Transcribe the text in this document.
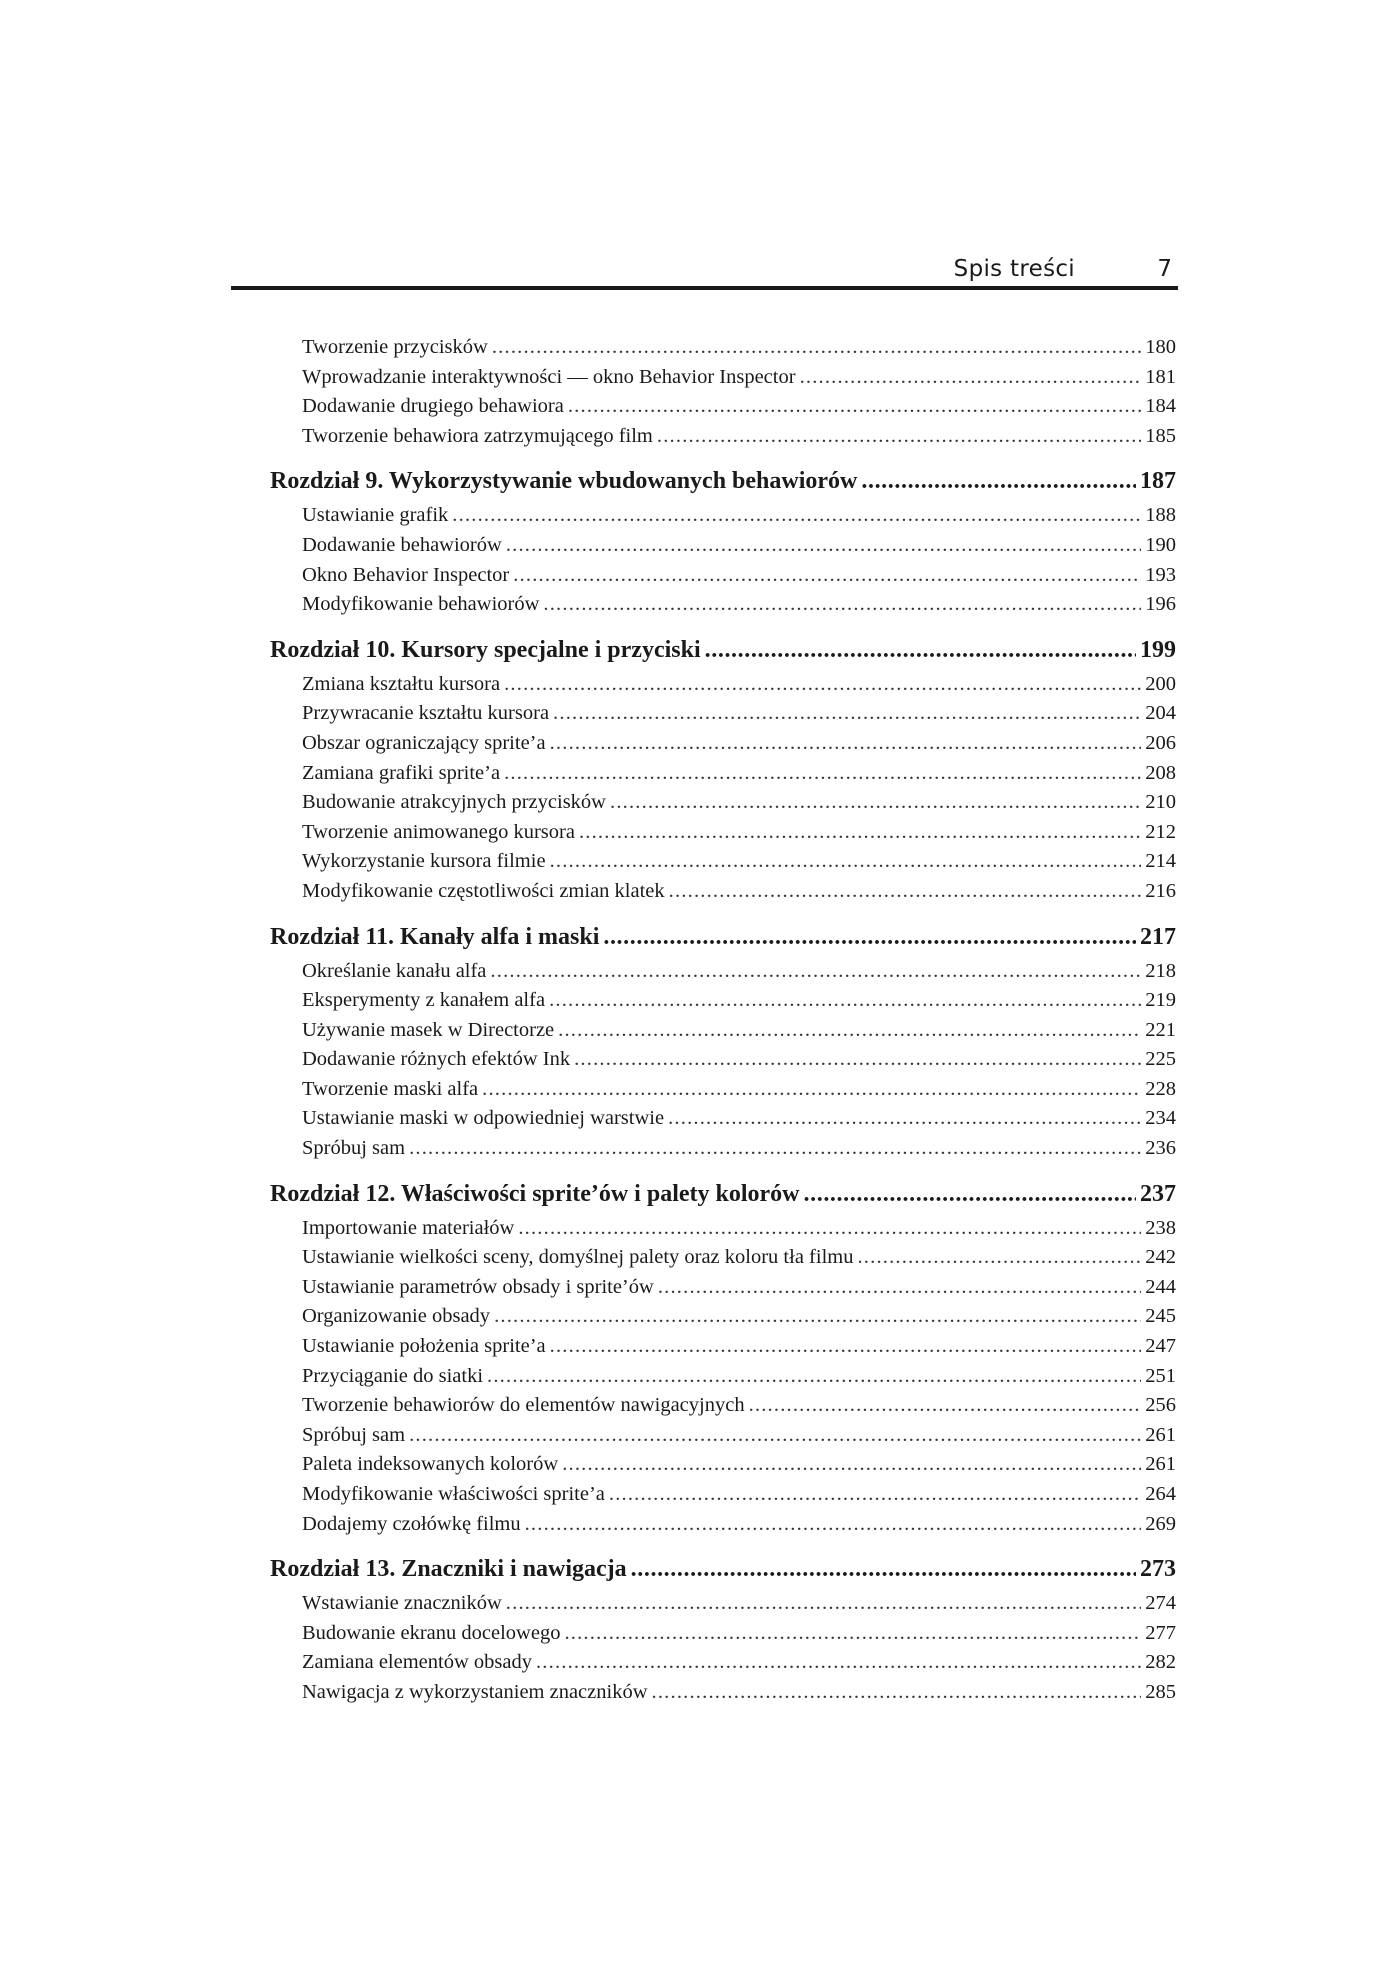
Spis treści	7
Tworzenie przycisków .....	180
Wprowadzanie interaktywności — okno Behavior Inspector .....	181
Dodawanie drugiego behawiora .....	184
Tworzenie behawiora zatrzymującego film .....	185
Rozdział 9. Wykorzystywanie wbudowanych behawiorów .....	187
Ustawianie grafik .....	188
Dodawanie behawiorów .....	190
Okno Behavior Inspector .....	193
Modyfikowanie behawiorów .....	196
Rozdział 10. Kursory specjalne i przyciski .....	199
Zmiana kształtu kursora .....	200
Przywracanie kształtu kursora .....	204
Obszar ograniczający sprite’a .....	206
Zamiana grafiki sprite’a .....	208
Budowanie atrakcyjnych przycisków .....	210
Tworzenie animowanego kursora .....	212
Wykorzystanie kursora filmie .....	214
Modyfikowanie częstotliwości zmian klatek .....	216
Rozdział 11. Kanały alfa i maski .....	217
Określanie kanału alfa .....	218
Eksperymenty z kanałem alfa .....	219
Używanie masek w Directorze .....	221
Dodawanie różnych efektów Ink .....	225
Tworzenie maski alfa .....	228
Ustawianie maski w odpowiedniej warstwie .....	234
Spróbuj sam .....	236
Rozdział 12. Właściwości sprite’ów i palety kolorów .....	237
Importowanie materiałów .....	238
Ustawianie wielkości sceny, domyślnej palety oraz koloru tła filmu .....	242
Ustawianie parametrów obsady i sprite’ów .....	244
Organizowanie obsady .....	245
Ustawianie położenia sprite’a .....	247
Przyciąganie do siatki .....	251
Tworzenie behawiorów do elementów nawigacyjnych .....	256
Spróbuj sam .....	261
Paleta indeksowanych kolorów .....	261
Modyfikowanie właściwości sprite’a .....	264
Dodajemy czołówkę filmu .....	269
Rozdział 13. Znaczniki i nawigacja .....	273
Wstawianie znaczników .....	274
Budowanie ekranu docelowego .....	277
Zamiana elementów obsady .....	282
Nawigacja z wykorzystaniem znaczników .....	285
